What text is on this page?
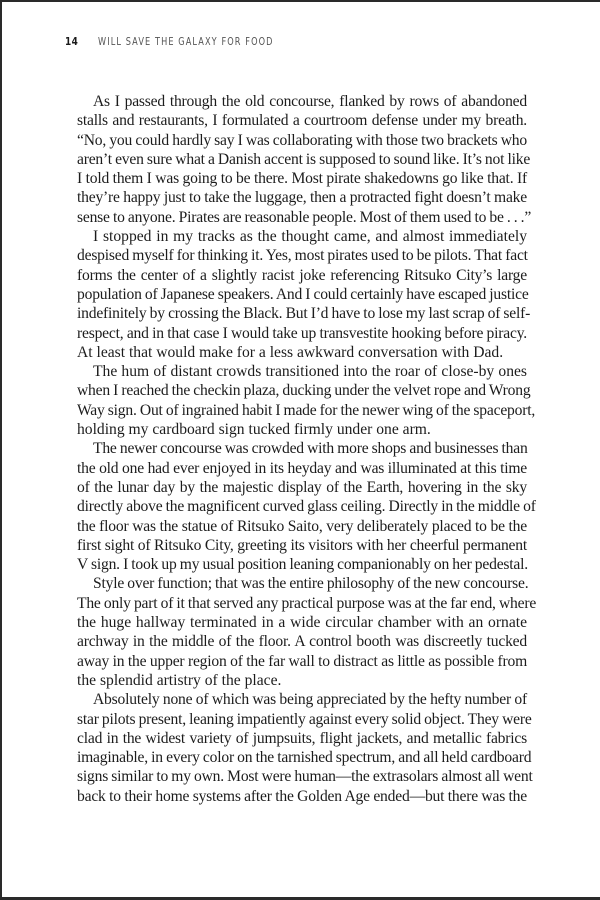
14 WILL SAVE THE GALAXY FOR FOOD
As I passed through the old concourse, flanked by rows of abandoned
stalls and restaurants, I formulated a courtroom defense under my breath.
“No, you could hardly say I was collaborating with those two brackets who
aren’t even sure what a Danish accent is supposed to sound like. It’s not like
I told them I was going to be there. Most pirate shakedowns go like that. If
they’re happy just to take the luggage, then a protracted fight doesn’t make
sense to anyone. Pirates are reasonable people. Most of them used to be . . .”
I stopped in my tracks as the thought came, and almost immediately
despised myself for thinking it. Yes, most pirates used to be pilots. That fact
forms the center of a slightly racist joke referencing Ritsuko City’s large
population of Japanese speakers. And I could certainly have escaped justice
indefinitely by crossing the Black. But I’d have to lose my last scrap of self-
respect, and in that case I would take up transvestite hooking before piracy.
At least that would make for a less awkward conversation with Dad.
The hum of distant crowds transitioned into the roar of close-by ones
when I reached the checkin plaza, ducking under the velvet rope and Wrong
Way sign. Out of ingrained habit I made for the newer wing of the spaceport,
holding my cardboard sign tucked firmly under one arm.
The newer concourse was crowded with more shops and businesses than
the old one had ever enjoyed in its heyday and was illuminated at this time
of the lunar day by the majestic display of the Earth, hovering in the sky
directly above the magnificent curved glass ceiling. Directly in the middle of
the floor was the statue of Ritsuko Saito, very deliberately placed to be the
first sight of Ritsuko City, greeting its visitors with her cheerful permanent
V sign. I took up my usual position leaning companionably on her pedestal.
Style over function; that was the entire philosophy of the new concourse.
The only part of it that served any practical purpose was at the far end, where
the huge hallway terminated in a wide circular chamber with an ornate
archway in the middle of the floor. A control booth was discreetly tucked
away in the upper region of the far wall to distract as little as possible from
the splendid artistry of the place.
Absolutely none of which was being appreciated by the hefty number of
star pilots present, leaning impatiently against every solid object. They were
clad in the widest variety of jumpsuits, flight jackets, and metallic fabrics
imaginable, in every color on the tarnished spectrum, and all held cardboard
signs similar to my own. Most were human—the extrasolars almost all went
back to their home systems after the Golden Age ended—but there was the
